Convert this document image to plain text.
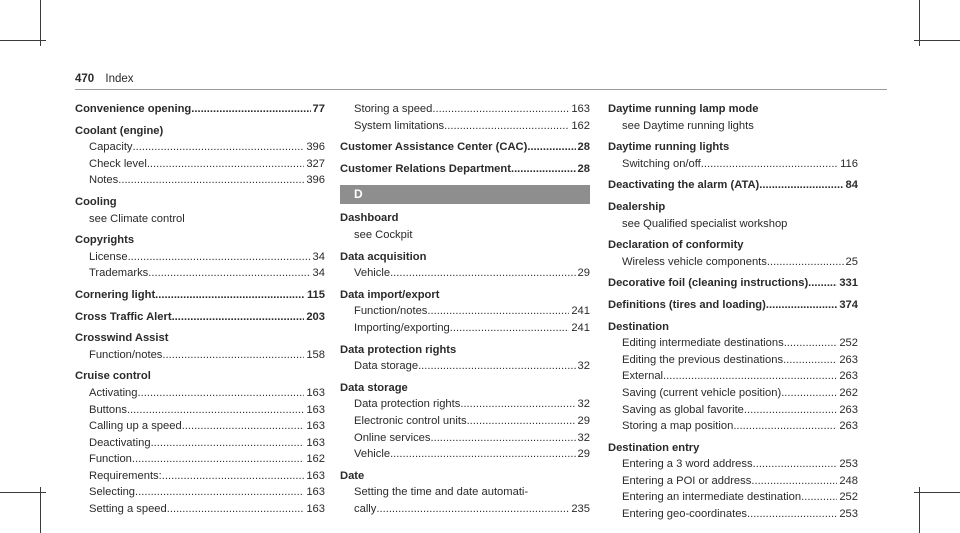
470 Index
Convenience opening .....	77
Coolant (engine)
Capacity .....	396
Check level .....	327
Notes .....	396
Cooling
see Climate control
Copyrights
License .....	34
Trademarks .....	34
Cornering light .....	115
Cross Traffic Alert .....	203
Crosswind Assist
Function/notes .....	158
Cruise control
Activating .....	163
Buttons .....	163
Calling up a speed .....	163
Deactivating .....	163
Function .....	162
Requirements: .....	163
Selecting .....	163
Setting a speed .....	163
Storing a speed .....	163
System limitations .....	162
Customer Assistance Center (CAC) .....	28
Customer Relations Department .....	28
D
Dashboard
see Cockpit
Data acquisition
Vehicle .....	29
Data import/export
Function/notes .....	241
Importing/exporting .....	241
Data protection rights
Data storage .....	32
Data storage
Data protection rights .....	32
Electronic control units .....	29
Online services .....	32
Vehicle .....	29
Date
Setting the time and date automati-
cally .....	235
Daytime running lamp mode
see Daytime running lights
Daytime running lights
Switching on/off .....	116
Deactivating the alarm (ATA) .....	84
Dealership
see Qualified specialist workshop
Declaration of conformity
Wireless vehicle components .....	25
Decorative foil (cleaning instructions) .....	331
Definitions (tires and loading) .....	374
Destination
Editing intermediate destinations .....	252
Editing the previous destinations .....	263
External .....	263
Saving (current vehicle position) .....	262
Saving as global favorite .....	263
Storing a map position .....	263
Destination entry
Entering a 3 word address .....	253
Entering a POI or address .....	248
Entering an intermediate destination .....	252
Entering geo-coordinates .....	253
